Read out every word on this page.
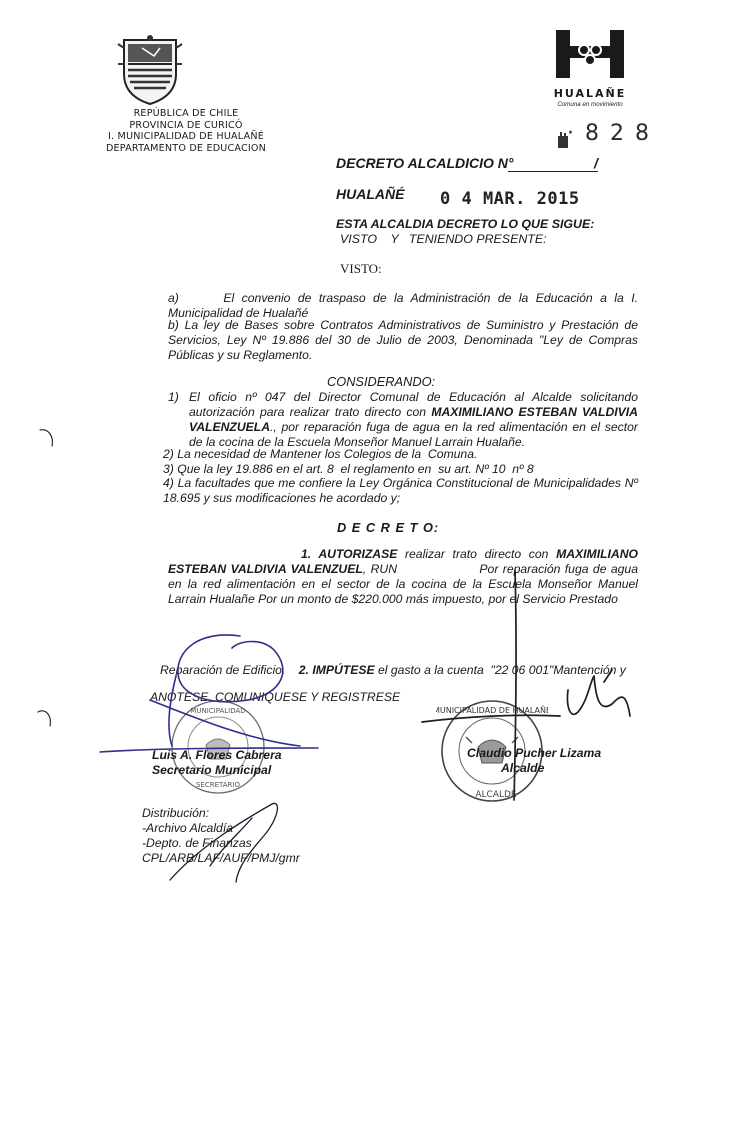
REPÚBLICA DE CHILE
PROVINCIA DE CURICÓ
I. MUNICIPALIDAD DE HUALAÑÉ
DEPARTAMENTO DE EDUCACION
HUALAÑE
Comuna en movimiento
· 8 2 8
DECRETO ALCALDICIO N°	/
HUALAÑÉ 0 4 MAR. 2015
ESTA ALCALDIA DECRETO LO QUE SIGUE:
VISTO    Y   TENIENDO PRESENTE:
VISTO:
a)      El convenio de traspaso de la Administración de la Educación a la I. Municipalidad de Hualañé
b) La ley de Bases sobre Contratos Administrativos de Suministro y Prestación de Servicios, Ley Nº 19.886 del 30 de Julio de 2003, Denominada "Ley de Compras Públicas y su Reglamento.
CONSIDERANDO:
1) El oficio nº 047 del Director Comunal de Educación al Alcalde solicitando autorización para realizar trato directo con MAXIMILIANO ESTEBAN VALDIVIA VALENZUELA., por reparación fuga de agua en la red alimentación en el sector de la cocina de la Escuela Monseñor Manuel Larrain Hualañe.
2) La necesidad de Mantener los Colegios de la  Comuna.
3) Que la ley 19.886 en el art. 8  el reglamento en  su art. Nº 10  nº 8
4) La facultades que me confiere la Ley Orgánica Constitucional de Municipalidades Nº 18.695 y sus modificaciones he acordado y;
D E C R E T O:
1. AUTORIZASE realizar trato directo con MAXIMILIANO ESTEBAN VALDIVIA VALENZUEL, RUN	Por reparación fuga de agua en la red alimentación en el sector de la cocina de la Escuela Monseñor Manuel Larrain Hualañe Por un monto de $220.000 más impuesto, por el Servicio Prestado

2. IMPÚTESE el gasto a la cuenta  "22 06 001"Mantención y

Reparación de Edificio.
ANÓTESE, COMUNIQUESE Y REGISTRESE
MUNICIPALIDAD
SECRETARIO
MUNICIPALIDAD DE HUALAÑE
ALCALDE
Luis A. Flores Cabrera
Secretario Municipal
Claudio Pucher Lizama
Alcalde
Distribución:
-Archivo Alcaldía
-Depto. de Finanzas
CPL/ARB/LAF/AUF/PMJ/gmr
